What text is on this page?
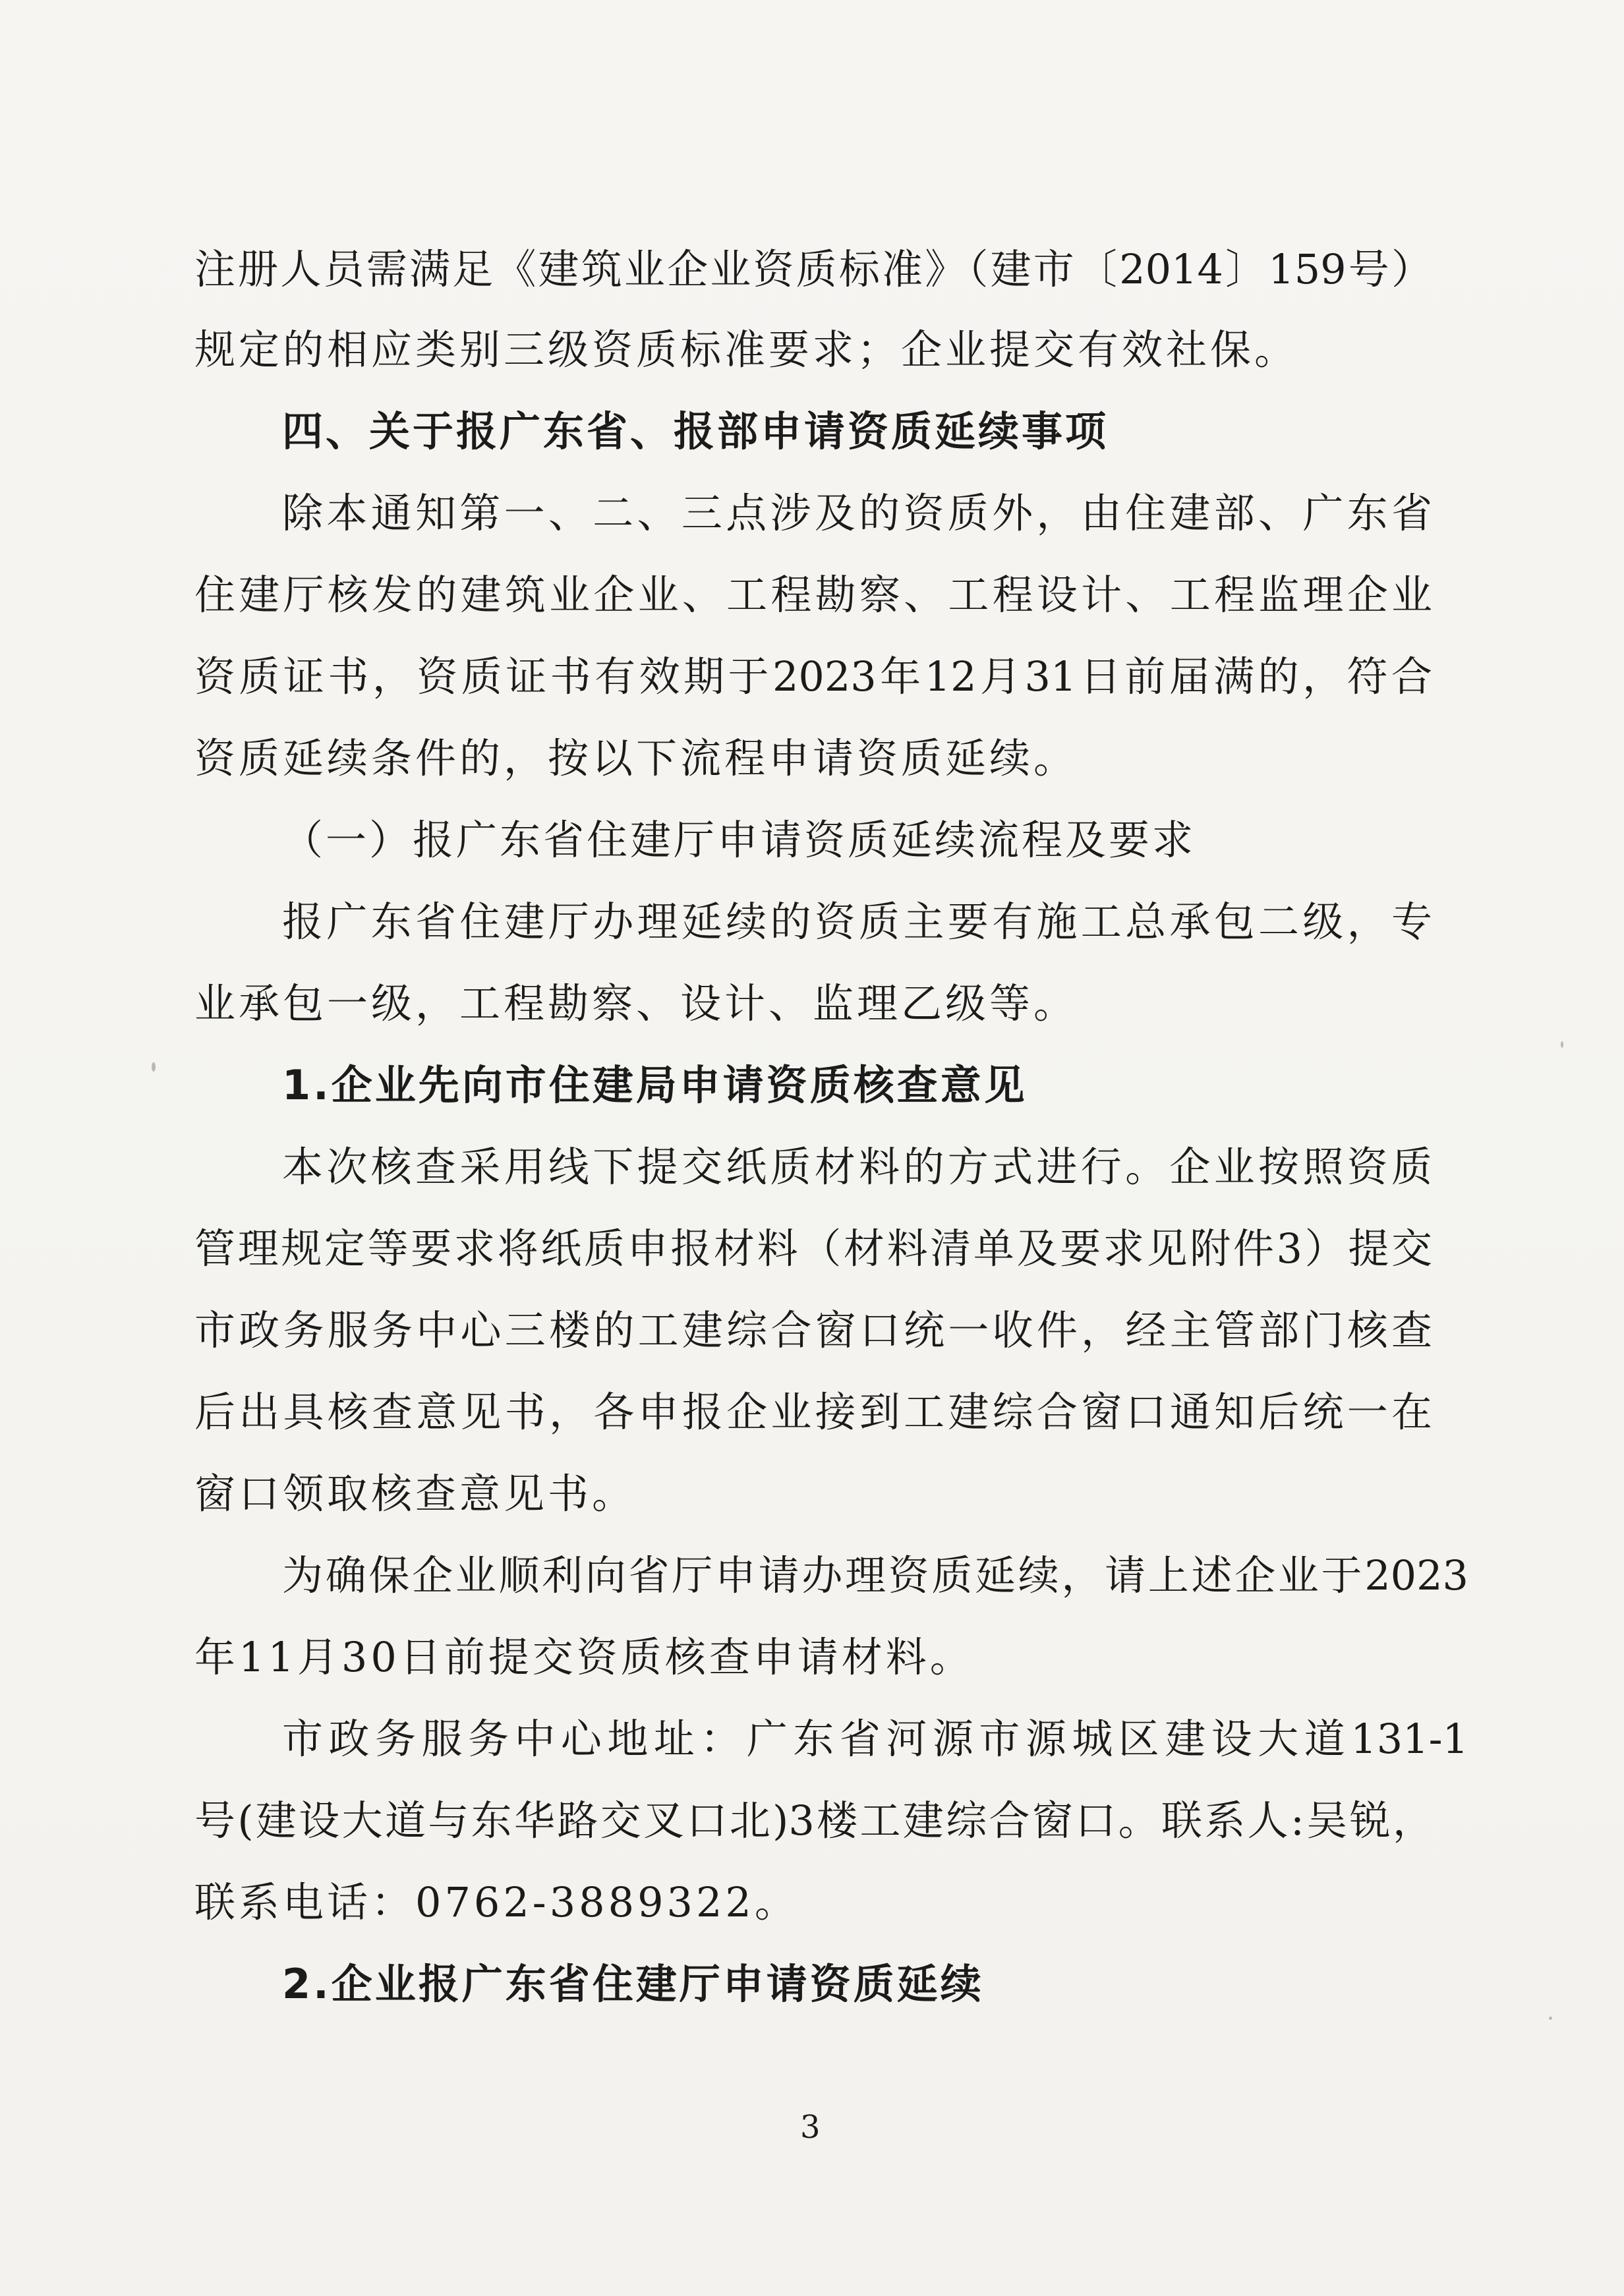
注册人员需满足《建筑业企业资质标准》（建市〔2014〕159号）
规定的相应类别三级资质标准要求；企业提交有效社保。
四、关于报广东省、报部申请资质延续事项
除本通知第一、二、三点涉及的资质外，由住建部、广东省
住建厅核发的建筑业企业、工程勘察、工程设计、工程监理企业
资质证书，资质证书有效期于2023年12月31日前届满的，符合
资质延续条件的，按以下流程申请资质延续。
（一）报广东省住建厅申请资质延续流程及要求
报广东省住建厅办理延续的资质主要有施工总承包二级，专
业承包一级，工程勘察、设计、监理乙级等。
1.企业先向市住建局申请资质核查意见
本次核查采用线下提交纸质材料的方式进行。企业按照资质
管理规定等要求将纸质申报材料（材料清单及要求见附件3）提交
市政务服务中心三楼的工建综合窗口统一收件，经主管部门核查
后出具核查意见书，各申报企业接到工建综合窗口通知后统一在
窗口领取核查意见书。
为确保企业顺利向省厅申请办理资质延续，请上述企业于2023
年11月30日前提交资质核查申请材料。
市政务服务中心地址：广东省河源市源城区建设大道131-1
号(建设大道与东华路交叉口北)3楼工建综合窗口。联系人:吴锐，
联系电话：0762-3889322。
2.企业报广东省住建厅申请资质延续
3
